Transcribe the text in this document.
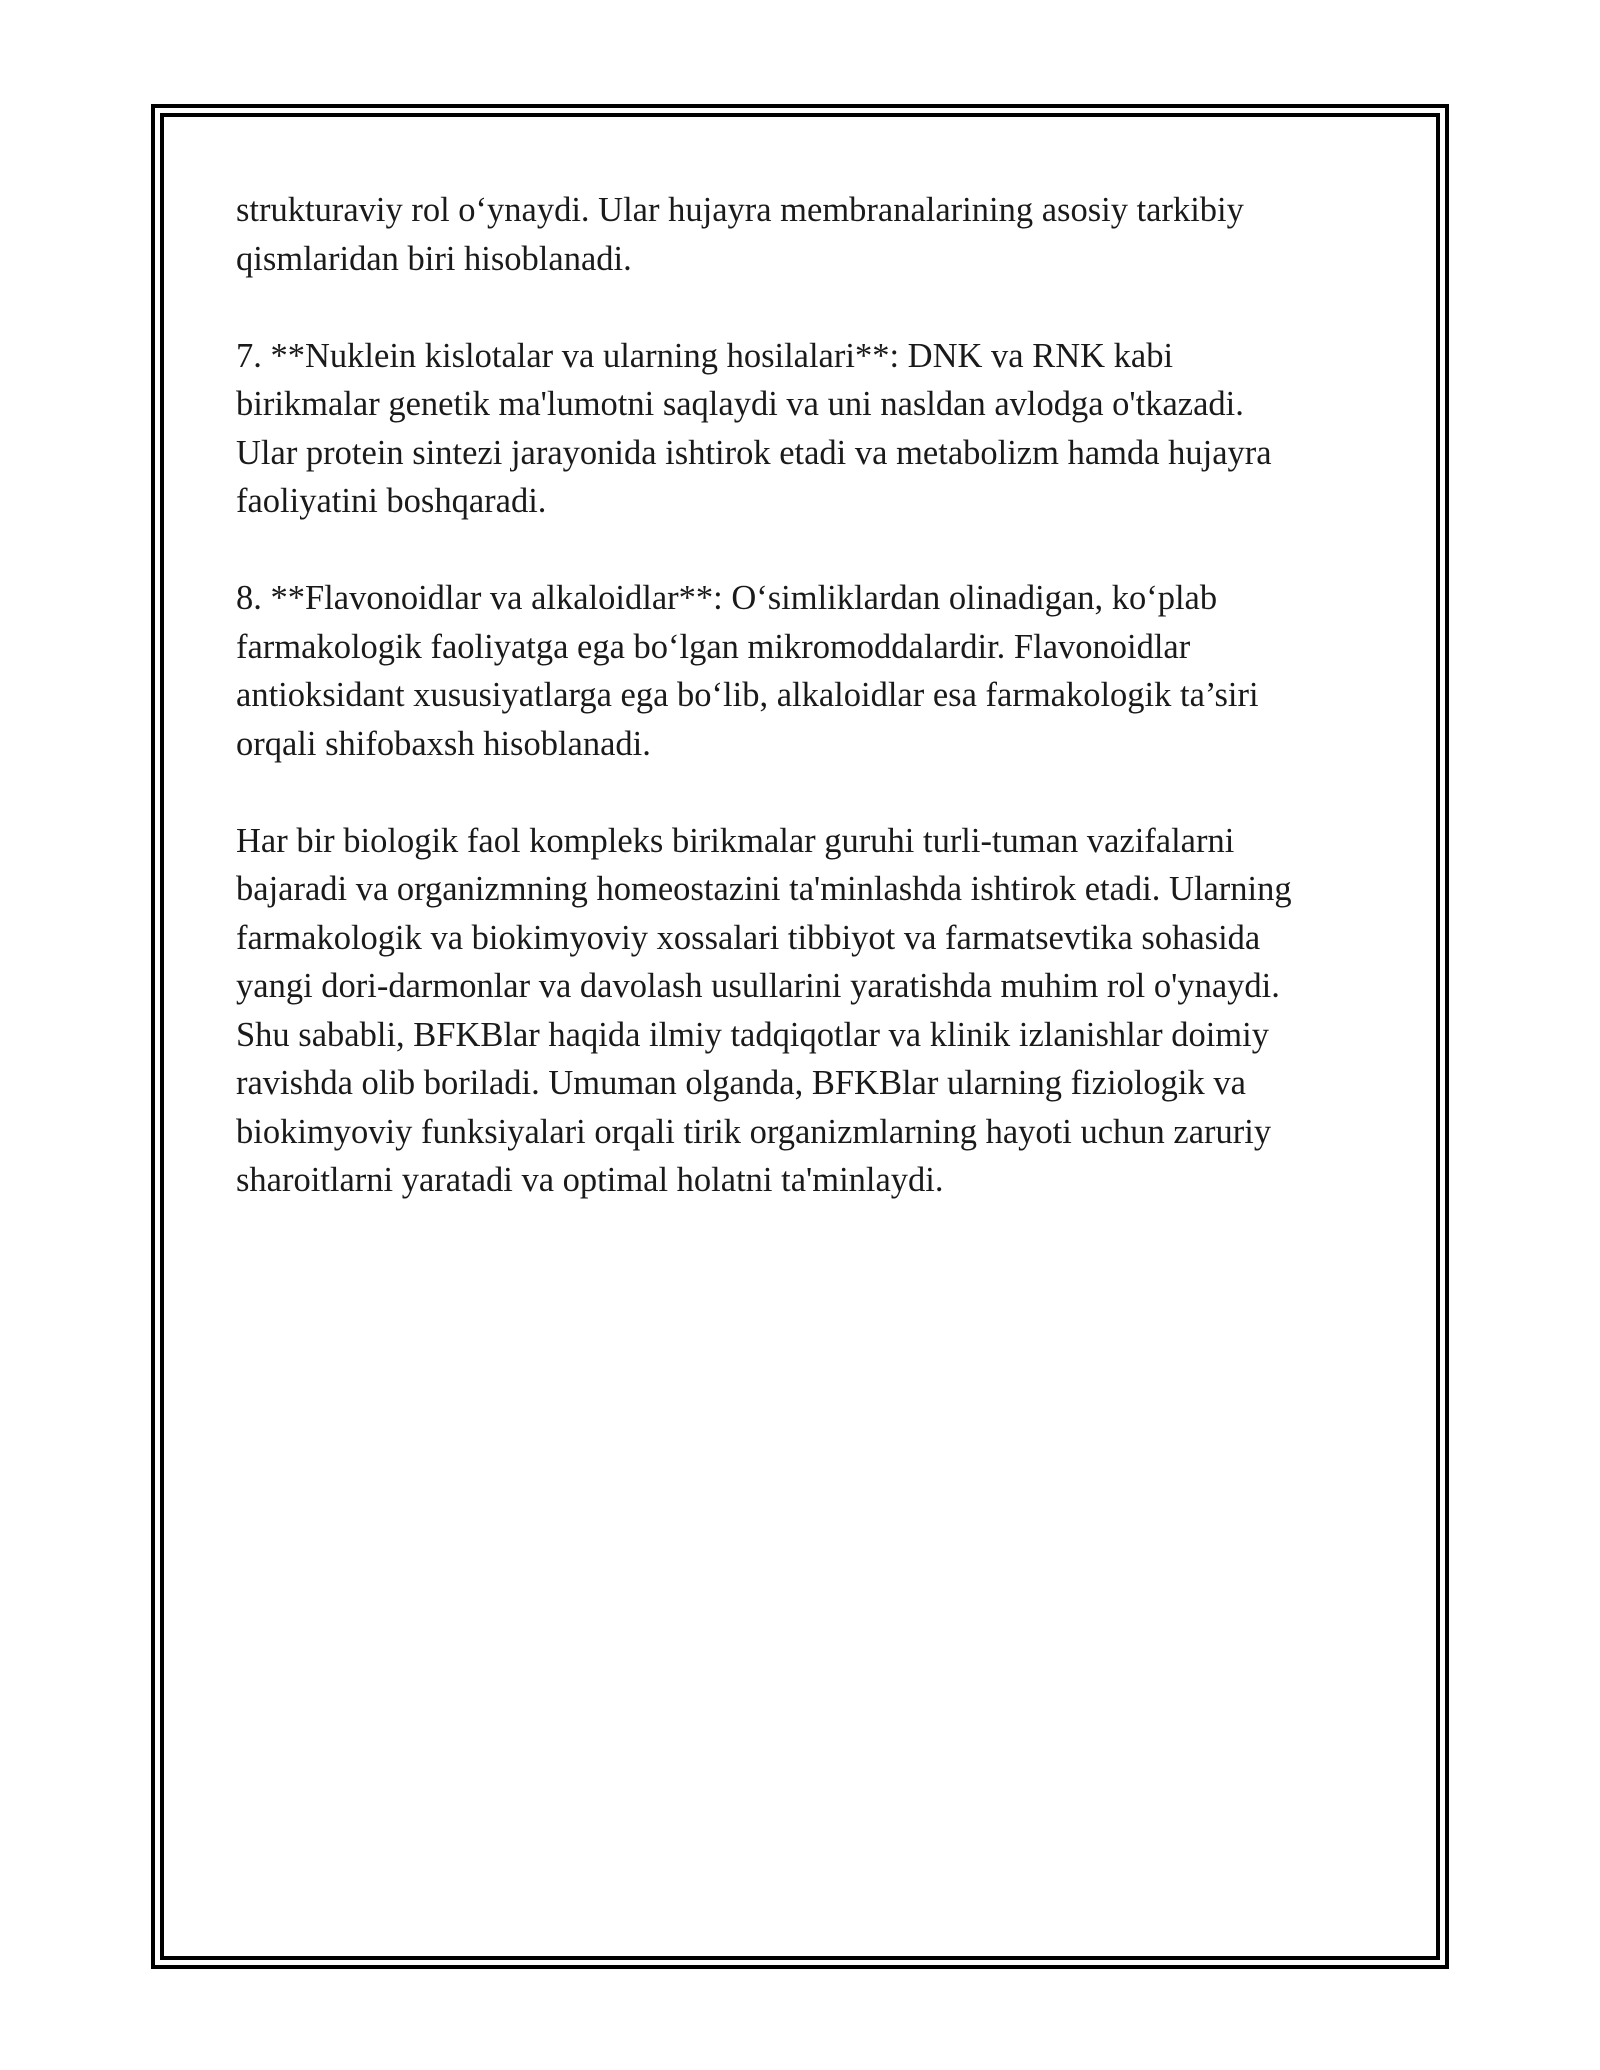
strukturaviy rol o‘ynaydi. Ular hujayra membranalarining asosiy tarkibiy
qismlaridan biri hisoblanadi.

7. **Nuklein kislotalar va ularning hosilalari**: DNK va RNK kabi
birikmalar genetik ma'lumotni saqlaydi va uni nasldan avlodga o'tkazadi.
Ular protein sintezi jarayonida ishtirok etadi va metabolizm hamda hujayra
faoliyatini boshqaradi.

8. **Flavonoidlar va alkaloidlar**: O‘simliklardan olinadigan, ko‘plab
farmakologik faoliyatga ega bo‘lgan mikromoddalardir. Flavonoidlar
antioksidant xususiyatlarga ega bo‘lib, alkaloidlar esa farmakologik ta’siri
orqali shifobaxsh hisoblanadi.

Har bir biologik faol kompleks birikmalar guruhi turli-tuman vazifalarni
bajaradi va organizmning homeostazini ta'minlashda ishtirok etadi. Ularning
farmakologik va biokimyoviy xossalari tibbiyot va farmatsevtika sohasida
yangi dori-darmonlar va davolash usullarini yaratishda muhim rol o'ynaydi.
Shu sababli, BFKBlar haqida ilmiy tadqiqotlar va klinik izlanishlar doimiy
ravishda olib boriladi. Umuman olganda, BFKBlar ularning fiziologik va
biokimyoviy funksiyalari orqali tirik organizmlarning hayoti uchun zaruriy
sharoitlarni yaratadi va optimal holatni ta'minlaydi.
